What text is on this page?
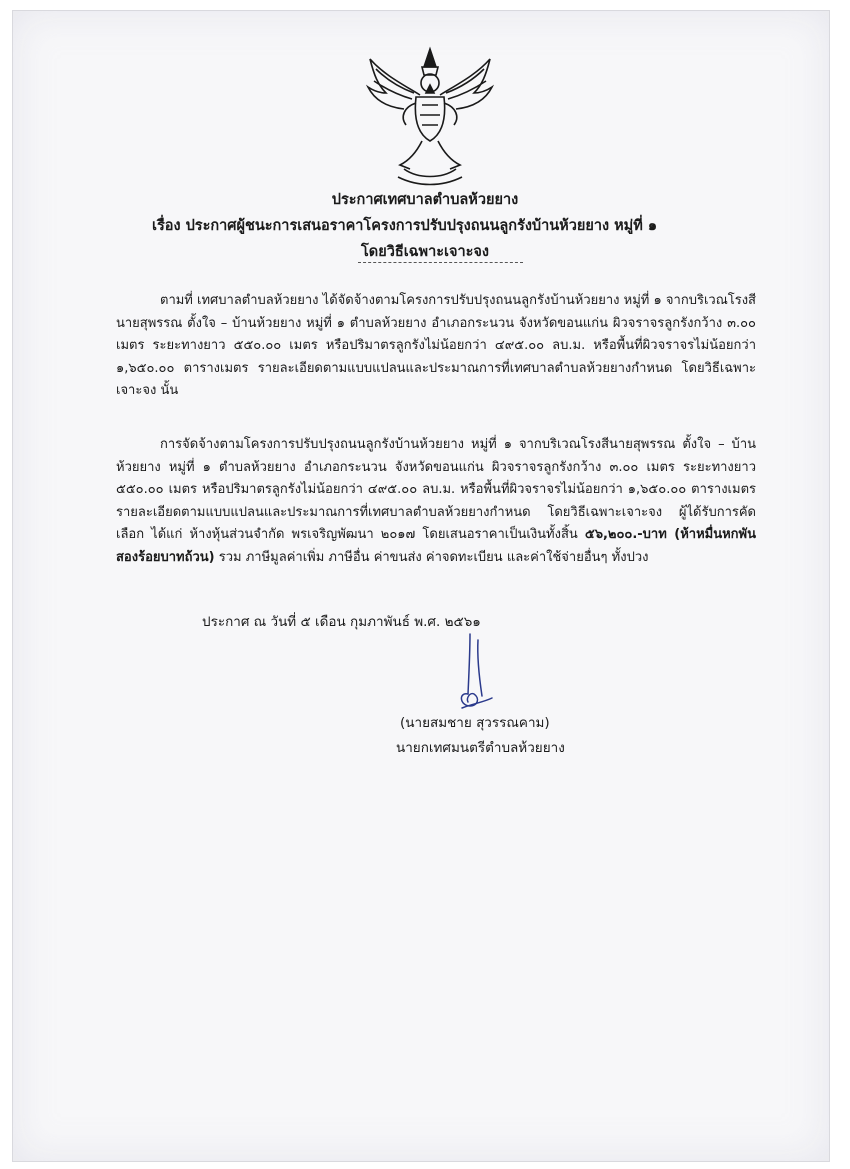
ประกาศเทศบาลตำบลห้วยยาง
เรื่อง ประกาศผู้ชนะการเสนอราคาโครงการปรับปรุงถนนลูกรังบ้านห้วยยาง หมู่ที่ ๑
โดยวิธีเฉพาะเจาะจง

ตามที่ เทศบาลตำบลห้วยยาง ได้จัดจ้างตามโครงการปรับปรุงถนนลูกรังบ้านห้วยยาง หมู่ที่ ๑ จากบริเวณโรงสีนายสุพรรณ ตั้งใจ – บ้านห้วยยาง หมู่ที่ ๑ ตำบลห้วยยาง อำเภอกระนวน จังหวัดขอนแก่น ผิวจราจรลูกรังกว้าง ๓.๐๐ เมตร ระยะทางยาว ๕๕๐.๐๐ เมตร หรือปริมาตรลูกรังไม่น้อยกว่า ๔๙๕.๐๐ ลบ.ม. หรือพื้นที่ผิวจราจรไม่น้อยกว่า ๑,๖๕๐.๐๐ ตารางเมตร รายละเอียดตามแบบแปลนและประมาณการที่เทศบาลตำบลห้วยยางกำหนด โดยวิธีเฉพาะเจาะจง นั้น

การจัดจ้างตามโครงการปรับปรุงถนนลูกรังบ้านห้วยยาง หมู่ที่ ๑ จากบริเวณโรงสีนายสุพรรณ ตั้งใจ – บ้านห้วยยาง หมู่ที่ ๑ ตำบลห้วยยาง อำเภอกระนวน จังหวัดขอนแก่น ผิวจราจรลูกรังกว้าง ๓.๐๐ เมตร ระยะทางยาว ๕๕๐.๐๐ เมตร หรือปริมาตรลูกรังไม่น้อยกว่า ๔๙๕.๐๐ ลบ.ม. หรือพื้นที่ผิวจราจรไม่น้อยกว่า ๑,๖๕๐.๐๐ ตารางเมตร รายละเอียดตามแบบแปลนและประมาณการที่เทศบาลตำบลห้วยยางกำหนด โดยวิธีเฉพาะเจาะจง ผู้ได้รับการคัดเลือก ได้แก่ ห้างหุ้นส่วนจำกัด พรเจริญพัฒนา ๒๐๑๗ โดยเสนอราคาเป็นเงินทั้งสิ้น ๕๖,๒๐๐.-บาท (ห้าหมื่นหกพันสองร้อยบาทถ้วน) รวม ภาษีมูลค่าเพิ่ม ภาษีอื่น ค่าขนส่ง ค่าจดทะเบียน และค่าใช้จ่ายอื่นๆ ทั้งปวง

ประกาศ ณ วันที่ ๕ เดือน กุมภาพันธ์ พ.ศ. ๒๕๖๑
(นายสมชาย สุวรรณคาม)
นายกเทศมนตรีตำบลห้วยยาง
